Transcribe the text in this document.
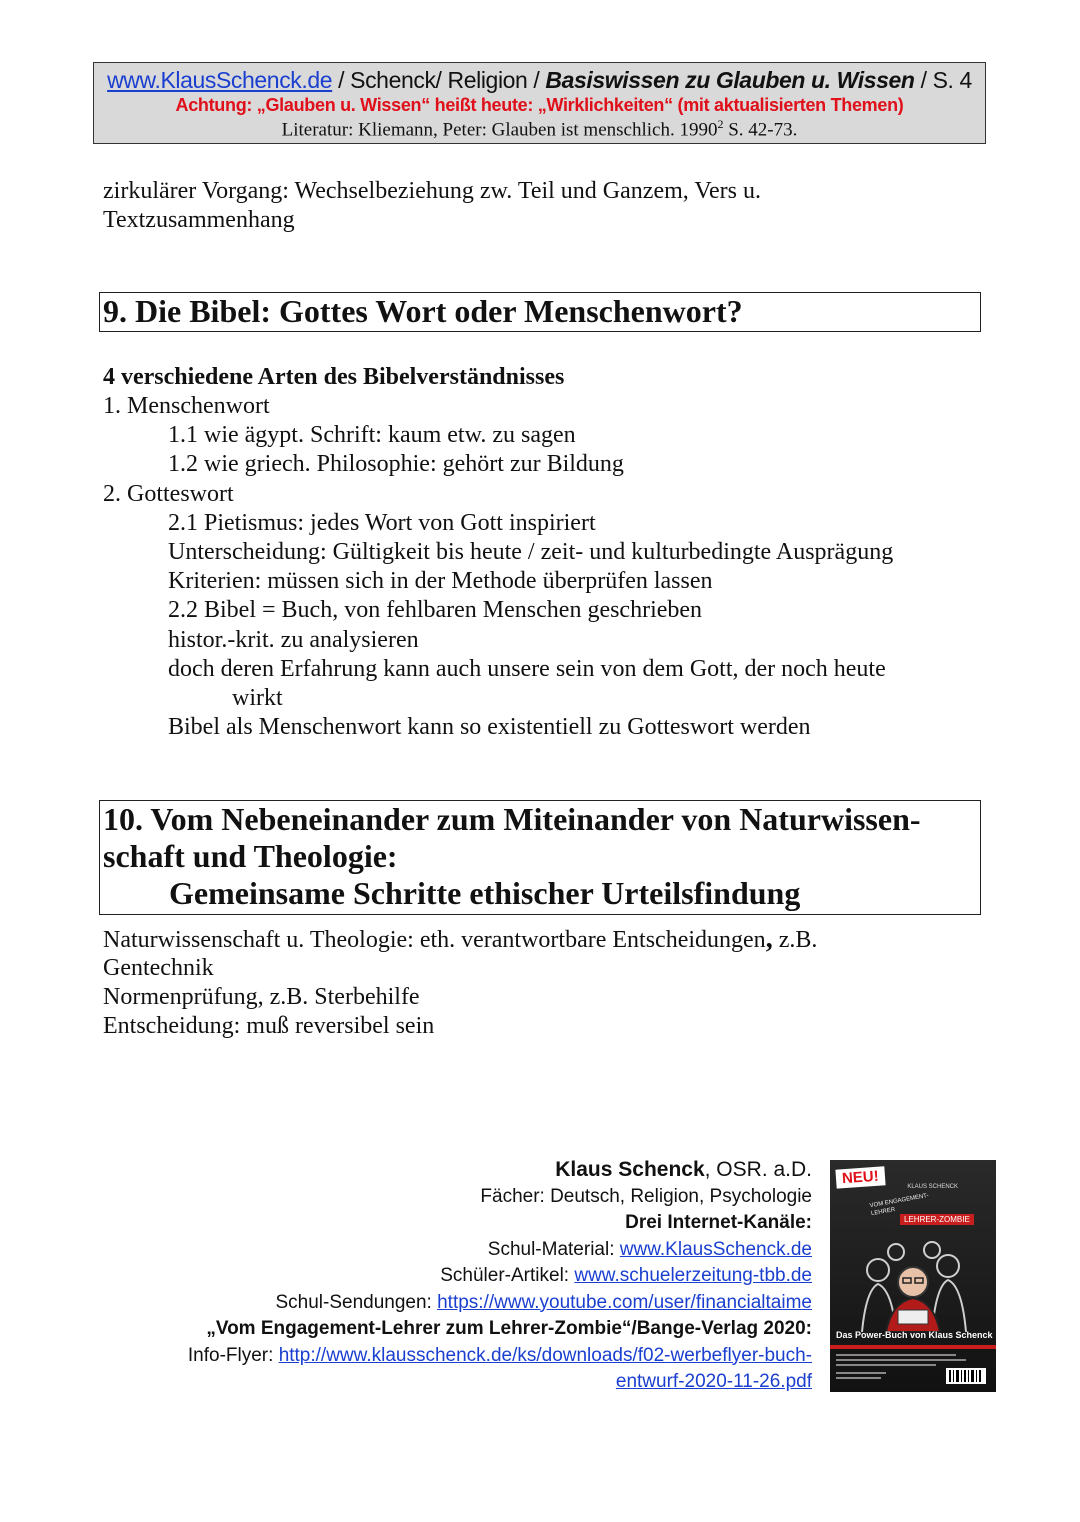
www.KlausSchenck.de / Schenck/ Religion / Basiswissen zu Glauben u. Wissen / S. 4
Achtung: „Glauben u. Wissen“ heißt heute: „Wirklichkeiten“ (mit aktualisierten Themen)
Literatur: Kliemann, Peter: Glauben ist menschlich. 1990$^2$ S. 42-73.
zirkulärer Vorgang: Wechselbeziehung zw. Teil und Ganzem, Vers u.
Textzusammenhang
9. Die Bibel: Gottes Wort oder Menschenwort?
4 verschiedene Arten des Bibelverständnisses
1. Menschenwort
1.1 wie ägypt. Schrift: kaum etw. zu sagen
1.2 wie griech. Philosophie: gehört zur Bildung
2. Gotteswort
2.1 Pietismus: jedes Wort von Gott inspiriert
Unterscheidung: Gültigkeit bis heute / zeit- und kulturbedingte Ausprägung
Kriterien: müssen sich in der Methode überprüfen lassen
2.2 Bibel = Buch, von fehlbaren Menschen geschrieben
histor.-krit. zu analysieren
doch deren Erfahrung kann auch unsere sein von dem Gott, der noch heute
wirkt
Bibel als Menschenwort kann so existentiell zu Gotteswort werden
10. Vom Nebeneinander zum Miteinander von Naturwissen-
schaft und Theologie:
Gemeinsame Schritte ethischer Urteilsfindung
Naturwissenschaft u. Theologie: eth. verantwortbare Entscheidungen, z.B.
Gentechnik
Normenprüfung, z.B. Sterbehilfe
Entscheidung: muß reversibel sein
Klaus Schenck, OSR. a.D.
Fächer: Deutsch, Religion, Psychologie
Drei Internet-Kanäle:
Schul-Material: www.KlausSchenck.de
Schüler-Artikel: www.schuelerzeitung-tbb.de
Schul-Sendungen: https://www.youtube.com/user/financialtaime
„Vom Engagement-Lehrer zum Lehrer-Zombie“/Bange-Verlag 2020:
Info-Flyer: http://www.klausschenck.de/ks/downloads/f02-werbeflyer-buch-
entwurf-2020-11-26.pdf
NEU!	KLAUS SCHENCK
VOM ENGAGEMENT-LEHRER
LEHRER-ZOMBIE
Das Power-Buch von Klaus Schenck
